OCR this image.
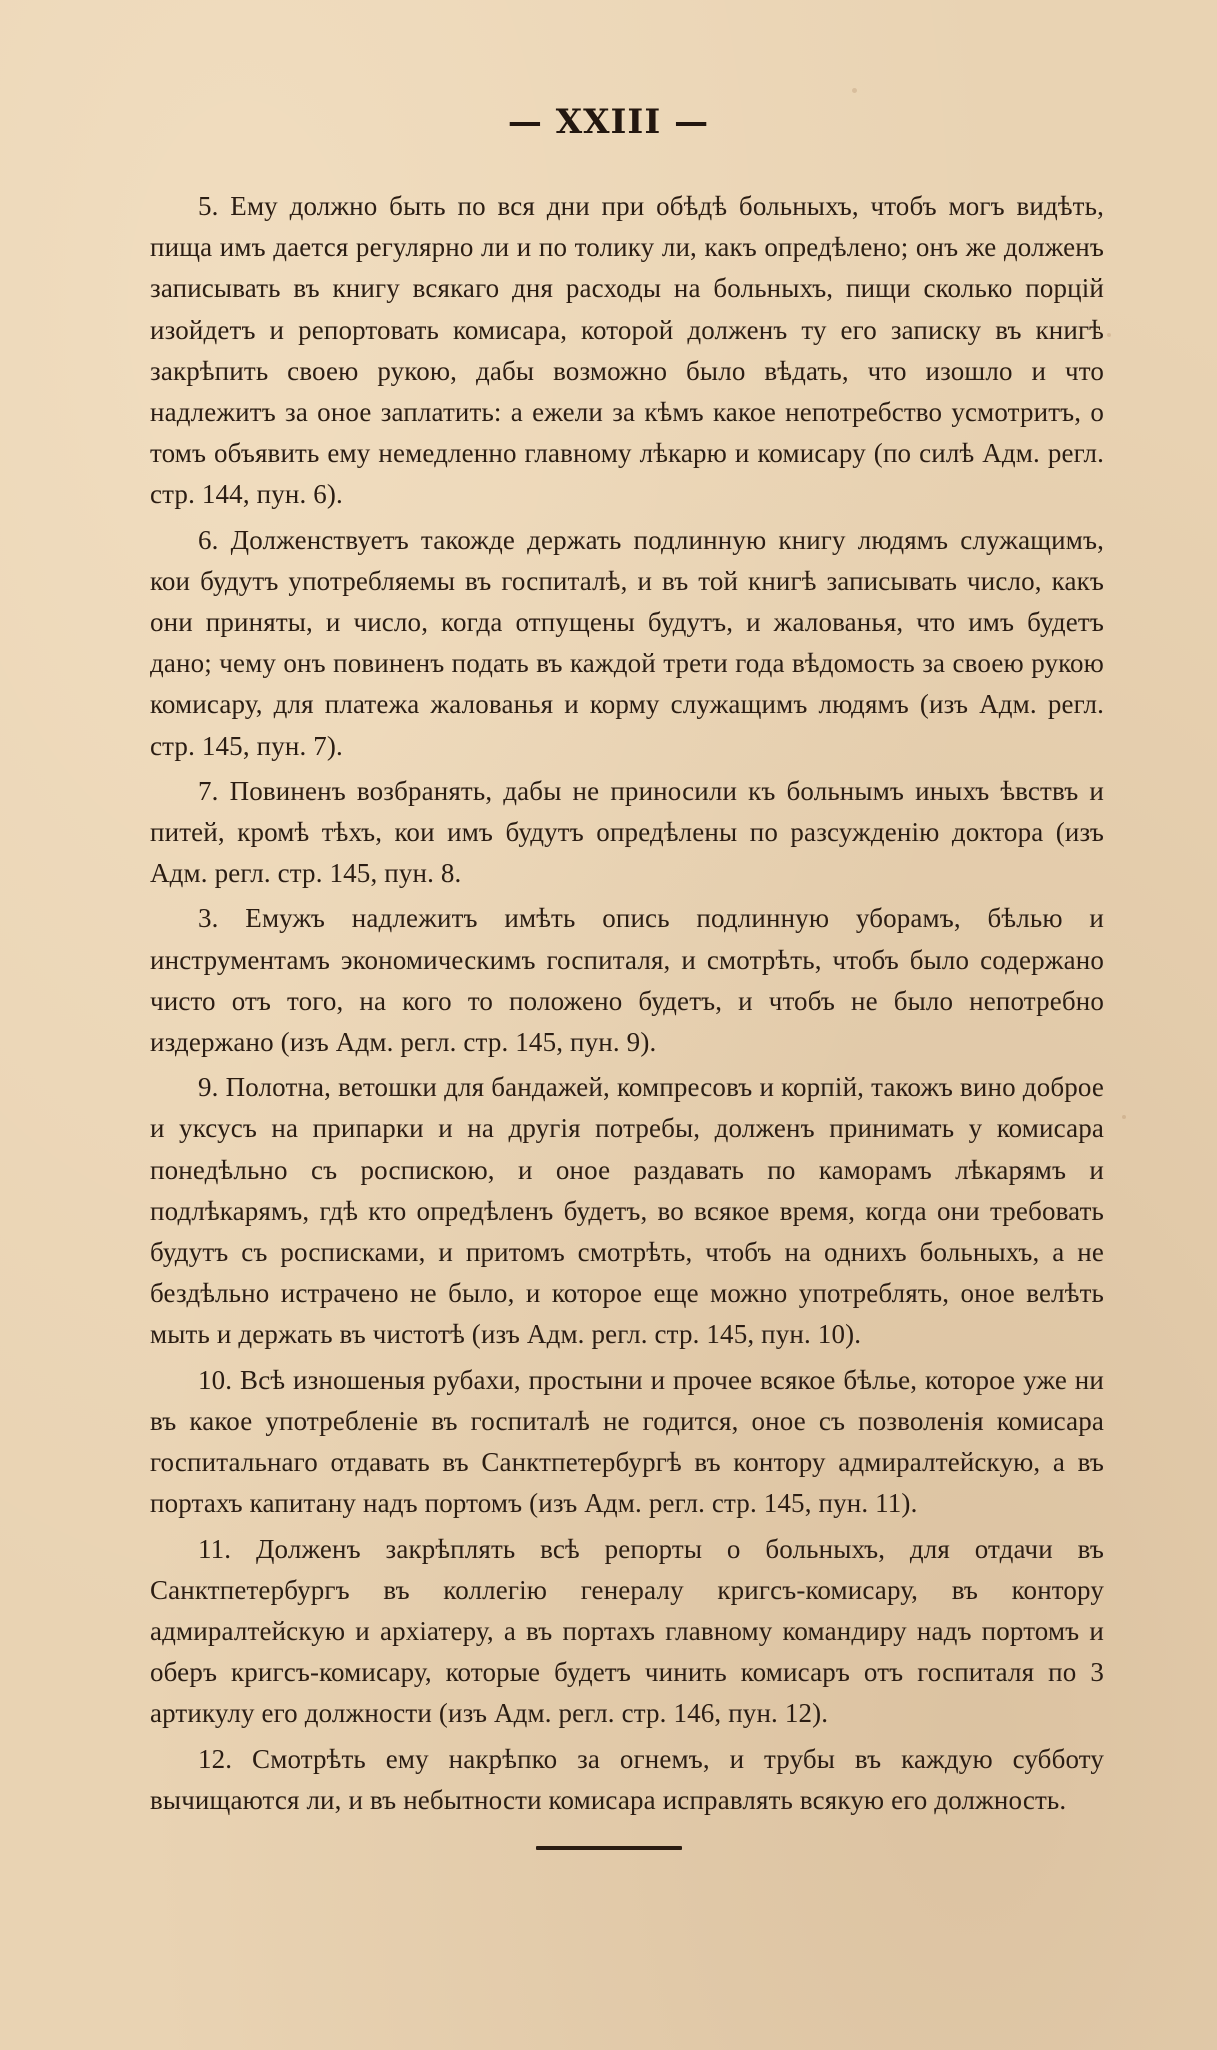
— XXIII —

5. Ему должно быть по вся дни при обѣдѣ больныхъ, чтобъ могъ видѣть, пища имъ дается регулярно ли и по толику ли, какъ опредѣлено; онъ же долженъ записывать въ книгу всякаго дня расходы на больныхъ, пищи сколько порцій изойдетъ и репортовать комисара, которой долженъ ту его записку въ книгѣ закрѣпить своею рукою, дабы возможно было вѣдать, что изошло и что надлежитъ за оное заплатить: а ежели за кѣмъ какое непотребство усмотритъ, о томъ объявить ему немедленно главному лѣкарю и комисару (по силѣ Адм. регл. стр. 144, пун. 6).

6. Долженствуетъ такожде держать подлинную книгу людямъ служащимъ, кои будутъ употребляемы въ госпиталѣ, и въ той книгѣ записывать число, какъ они приняты, и число, когда отпущены будутъ, и жалованья, что имъ будетъ дано; чему онъ повиненъ подать въ каждой трети года вѣдомость за своею рукою комисару, для платежа жалованья и корму служащимъ людямъ (изъ Адм. регл. стр. 145, пун. 7).

7. Повиненъ возбранять, дабы не приносили къ больнымъ иныхъ ѣвствъ и питей, кромѣ тѣхъ, кои имъ будутъ опредѣлены по разсужденію доктора (изъ Адм. регл. стр. 145, пун. 8.

3. Емужъ надлежитъ имѣть опись подлинную уборамъ, бѣлью и инструментамъ экономическимъ госпиталя, и смотрѣть, чтобъ было содержано чисто отъ того, на кого то положено будетъ, и чтобъ не было непотребно издержано (изъ Адм. регл. стр. 145, пун. 9).

9. Полотна, ветошки для бандажей, компресовъ и корпій, такожъ вино доброе и уксусъ на припарки и на другія потребы, долженъ принимать у комисара понедѣльно съ роспискою, и оное раздавать по каморамъ лѣкарямъ и подлѣкарямъ, гдѣ кто опредѣленъ будетъ, во всякое время, когда они требовать будутъ съ росписками, и притомъ смотрѣть, чтобъ на однихъ больныхъ, а не бездѣльно истрачено не было, и которое еще можно употреблять, оное велѣть мыть и держать въ чистотѣ (изъ Адм. регл. стр. 145, пун. 10).

10. Всѣ изношеныя рубахи, простыни и прочее всякое бѣлье, которое уже ни въ какое употребленіе въ госпиталѣ не годится, оное съ позволенія комисара госпитальнаго отдавать въ Санктпетербургѣ въ контору адмиралтейскую, а въ портахъ капитану надъ портомъ (изъ Адм. регл. стр. 145, пун. 11).

11. Долженъ закрѣплять всѣ репорты о больныхъ, для отдачи въ Санктпетербургъ въ коллегію генералу кригсъ-комисару, въ контору адмиралтейскую и архіатеру, а въ портахъ главному командиру надъ портомъ и оберъ кригсъ-комисару, которые будетъ чинить комисаръ отъ госпиталя по 3 артикулу его должности (изъ Адм. регл. стр. 146, пун. 12).

12. Смотрѣть ему накрѣпко за огнемъ, и трубы въ каждую субботу вычищаются ли, и въ небытности комисара исправлять всякую его должность.
